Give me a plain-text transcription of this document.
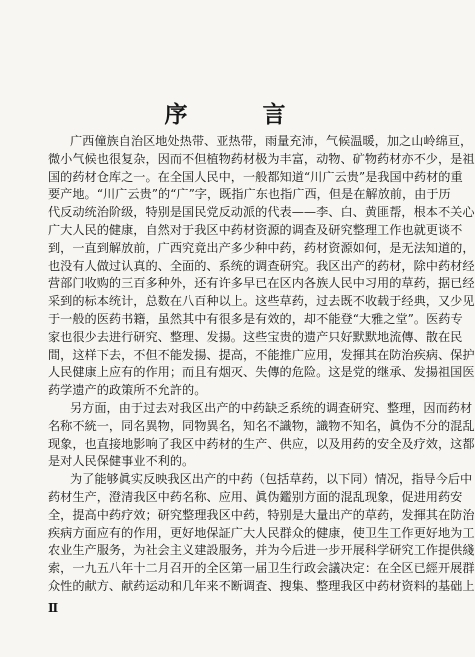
序　言
广西僮族自治区地处热带、亚热带，雨量充沛，气候温暖，加之山岭绵亘，
微小气候也很复杂，因而不但植物药材极为丰富，动物、矿物药材亦不少，是祖
国的药材仓库之一。在全国人民中，一般都知道“川广云贵”是我国中药材的重
要产地。“川广云贵”的“广”字，既指广东也指广西，但是在解放前，由于历
代反动统治阶级，特别是国民党反动派的代表——李、白、黄匪帮，根本不关心
广大人民的健康，自然对于我区中药材资源的调查及研究整理工作也就更谈不
到，一直到解放前，广西究竟出产多少种中药，药材资源如何，是无法知道的，
也没有人做过认真的、全面的、系统的调查研究。我区出产的药材，除中药材经
营部门收购的三百多种外，还有许多早已在区内各族人民中习用的草药，据已经
采到的标本统计，总数在八百种以上。这些草药，过去既不收载于经典，又少见
于一般的医药书籍，虽然其中有很多是有效的，却不能登“大雅之堂”。医药专
家也很少去进行研究、整理、发揚。这些宝贵的遗产只好默默地流傳、散在民
間，这样下去，不但不能发揚、提高，不能推广应用，发揮其在防治疾病、保护
人民健康上应有的作用；而且有烟灭、失傳的危险。这是党的继承、发揚祖国医
药学遗产的政策所不允許的。
另方面，由于过去对我区出产的中药缺乏系统的调查研究、整理，因而药材
名称不統一，同名異物，同物異名，知名不識物，識物不知名，眞伪不分的混乱
现象，也直接地影响了我区中药材的生产、供应，以及用药的安全及疗效，这都
是对人民保健事业不利的。
为了能够眞实反映我区出产的中药（包括草药，以下同）情况，指导今后中
药材生产，澄清我区中药名称、应用、眞伪鑑别方面的混乱现象，促进用药安
全，提高中药疗效；研究整理我区中药，特别是大量出产的草药，发揮其在防治
疾病方面应有的作用，更好地保証广大人民群众的健康，使卫生工作更好地为工
农业生产服务，为社会主义建設服务，并为今后进一步开展科学研究工作提供綫
索，一九五八年十二月召开的全区第一届卫生行政会議决定：在全区已經开展群
众性的献方、献药运动和几年来不断调査、搜集、整理我区中药材资料的基础上
Ⅱ
